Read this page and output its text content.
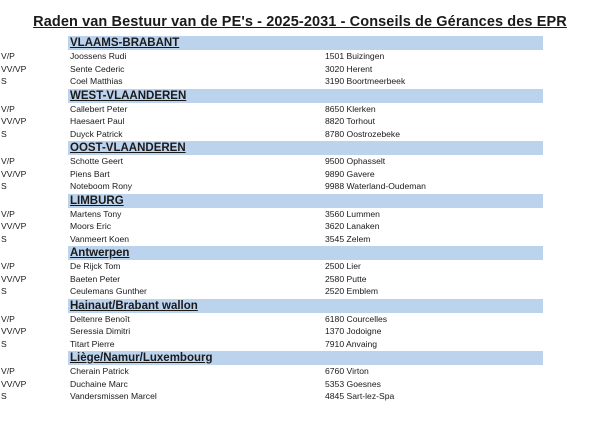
Raden van Bestuur van de PE's - 2025-2031 - Conseils de Gérances des EPR
VLAAMS-BRABANT
V/P	Joossens Rudi	1501 Buizingen
VV/VP	Sente Cederic	3020 Herent
S	Coel Matthias	3190 Boortmeerbeek
WEST-VLAANDEREN
V/P	Callebert Peter	8650 Klerken
VV/VP	Haesaert Paul	8820 Torhout
S	Duyck Patrick	8780 Oostrozebeke
OOST-VLAANDEREN
V/P	Schotte Geert	9500 Ophasselt
VV/VP	Piens Bart	9890 Gavere
S	Noteboom Rony	9988 Waterland-Oudeman
LIMBURG
V/P	Martens Tony	3560 Lummen
VV/VP	Moors Eric	3620 Lanaken
S	Vanmeert Koen	3545 Zelem
Antwerpen
V/P	De Rijck Tom	2500 Lier
VV/VP	Baeten Peter	2580 Putte
S	Ceulemans Gunther	2520 Emblem
Hainaut/Brabant wallon
V/P	Deltenre Benoît	6180 Courcelles
VV/VP	Seressia Dimitri	1370 Jodoigne
S	Titart Pierre	7910 Anvaing
Liège/Namur/Luxembourg
V/P	Cherain Patrick	6760 Virton
VV/VP	Duchaine Marc	5353 Goesnes
S	Vandersmissen Marcel	4845 Sart-lez-Spa
